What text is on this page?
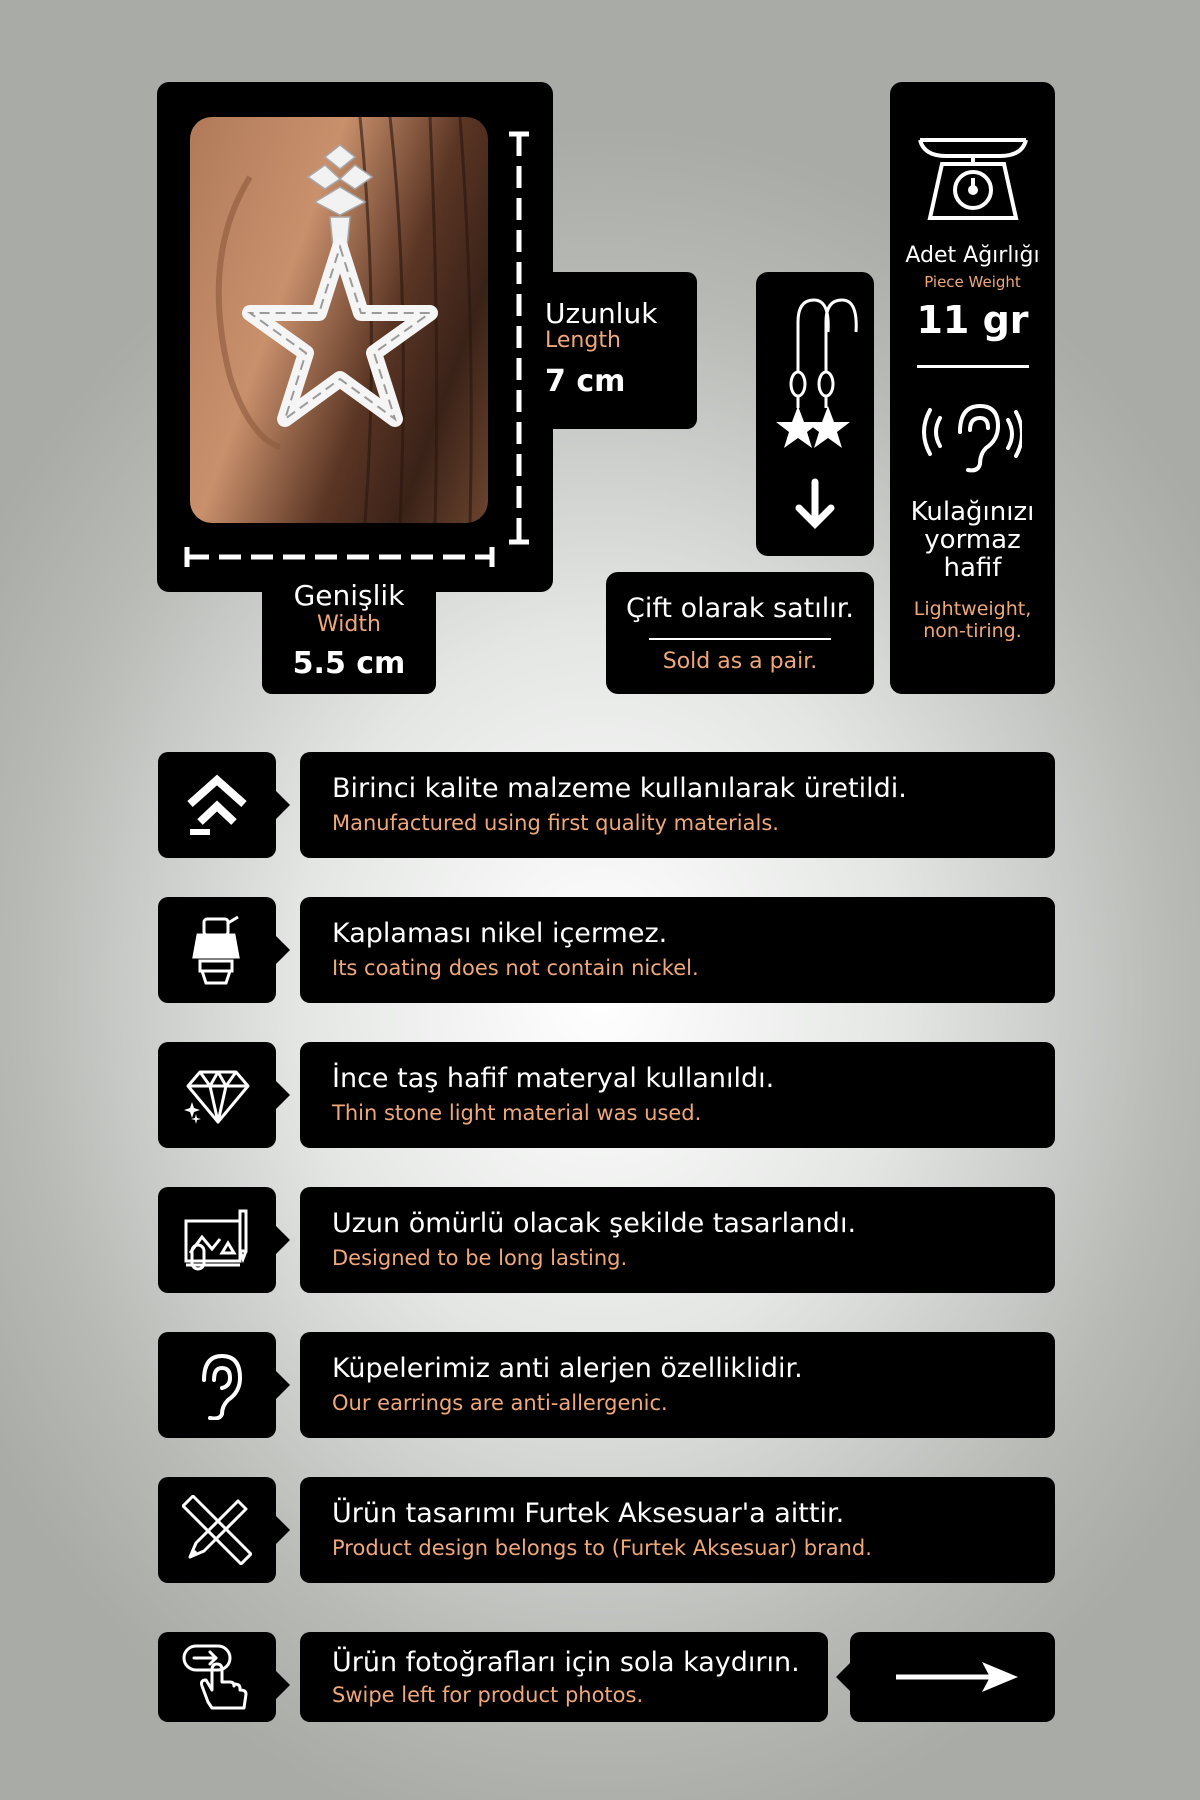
Uzunluk
Length
7 cm
Genişlik
Width
5.5 cm
Çift olarak satılır.
Sold as a pair.
Adet Ağırlığı
Piece Weight
11 gr
Kulağınızı
yormaz
hafif
Lightweight,
non-tiring.
Birinci kalite malzeme kullanılarak üretildi.
Manufactured using first quality materials.
Kaplaması nikel içermez.
Its coating does not contain nickel.
İnce taş hafif materyal kullanıldı.
Thin stone light material was used.
Uzun ömürlü olacak şekilde tasarlandı.
Designed to be long lasting.
Küpelerimiz anti alerjen özelliklidir.
Our earrings are anti-allergenic.
Ürün tasarımı Furtek Aksesuar'a aittir.
Product design belongs to (Furtek Aksesuar) brand.
Ürün fotoğrafları için sola kaydırın.
Swipe left for product photos.
